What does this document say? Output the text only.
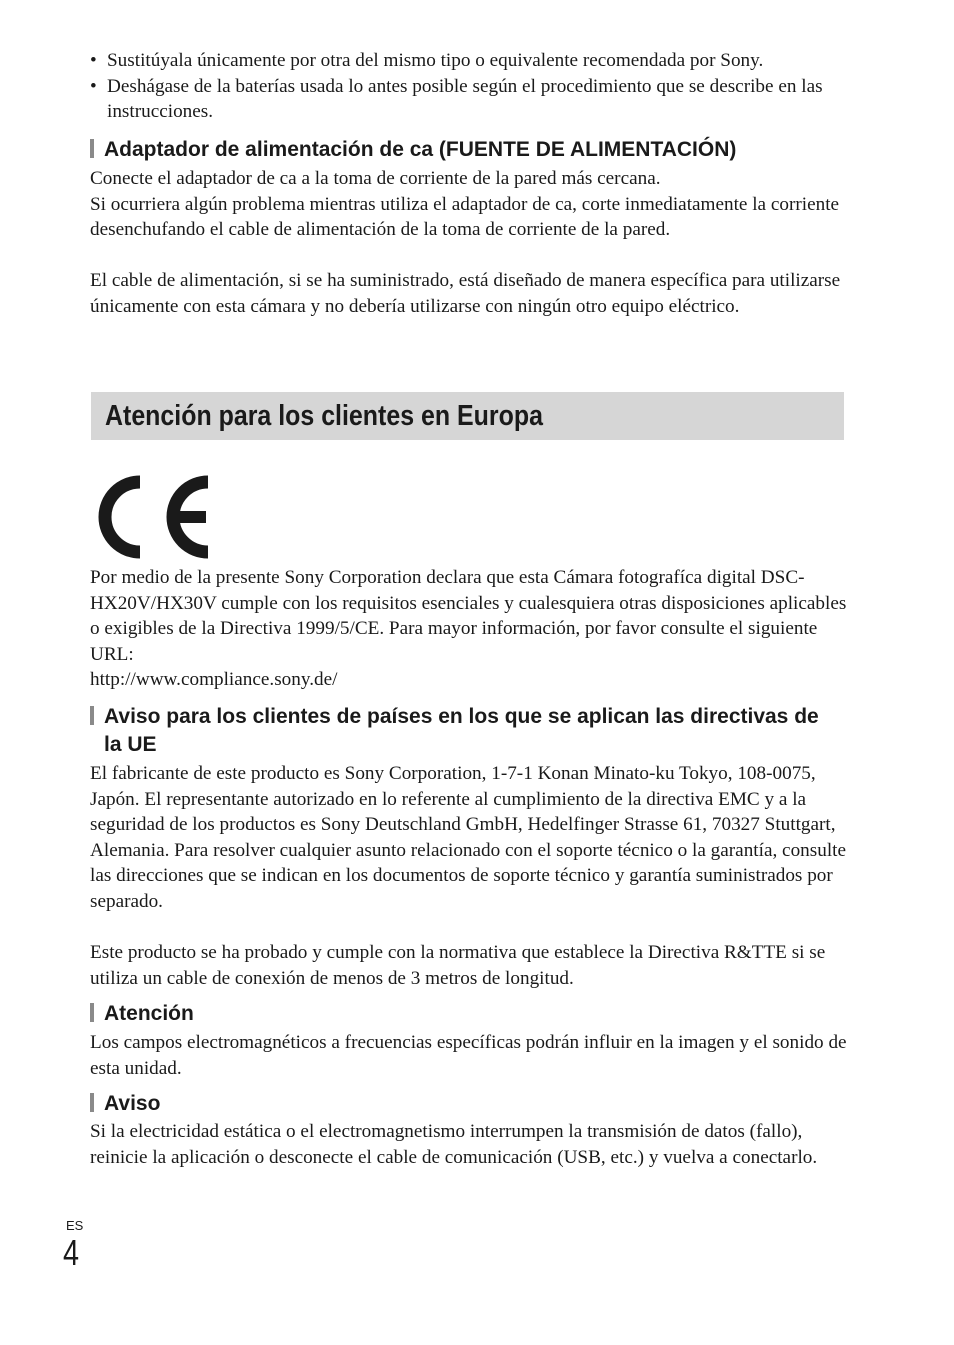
• Sustitúyala únicamente por otra del mismo tipo o equivalente recomendada por Sony.
• Deshágase de la baterías usada lo antes posible según el procedimiento que se describe en las instrucciones.
Adaptador de alimentación de ca (FUENTE DE ALIMENTACIÓN)
Conecte el adaptador de ca a la toma de corriente de la pared más cercana.
Si ocurriera algún problema mientras utiliza el adaptador de ca, corte inmediatamente la corriente desenchufando el cable de alimentación de la toma de corriente de la pared.
El cable de alimentación, si se ha suministrado, está diseñado de manera específica para utilizarse únicamente con esta cámara y no debería utilizarse con ningún otro equipo eléctrico.
Atención para los clientes en Europa
Por medio de la presente Sony Corporation declara que esta Cámara fotografíca digital DSC-HX20V/HX30V cumple con los requisitos esenciales y cualesquiera otras disposiciones aplicables o exigibles de la Directiva 1999/5/CE. Para mayor información, por favor consulte el siguiente URL:
http://www.compliance.sony.de/
Aviso para los clientes de países en los que se aplican las directivas de la UE
El fabricante de este producto es Sony Corporation, 1-7-1 Konan Minato-ku Tokyo, 108-0075, Japón. El representante autorizado en lo referente al cumplimiento de la directiva EMC y a la seguridad de los productos es Sony Deutschland GmbH, Hedelfinger Strasse 61, 70327 Stuttgart, Alemania. Para resolver cualquier asunto relacionado con el soporte técnico o la garantía, consulte las direcciones que se indican en los documentos de soporte técnico y garantía suministrados por separado.
Este producto se ha probado y cumple con la normativa que establece la Directiva R&TTE si se utiliza un cable de conexión de menos de 3 metros de longitud.
Atención
Los campos electromagnéticos a frecuencias específicas podrán influir en la imagen y el sonido de esta unidad.
Aviso
Si la electricidad estática o el electromagnetismo interrumpen la transmisión de datos (fallo), reinicie la aplicación o desconecte el cable de comunicación (USB, etc.) y vuelva a conectarlo.
ES
4
